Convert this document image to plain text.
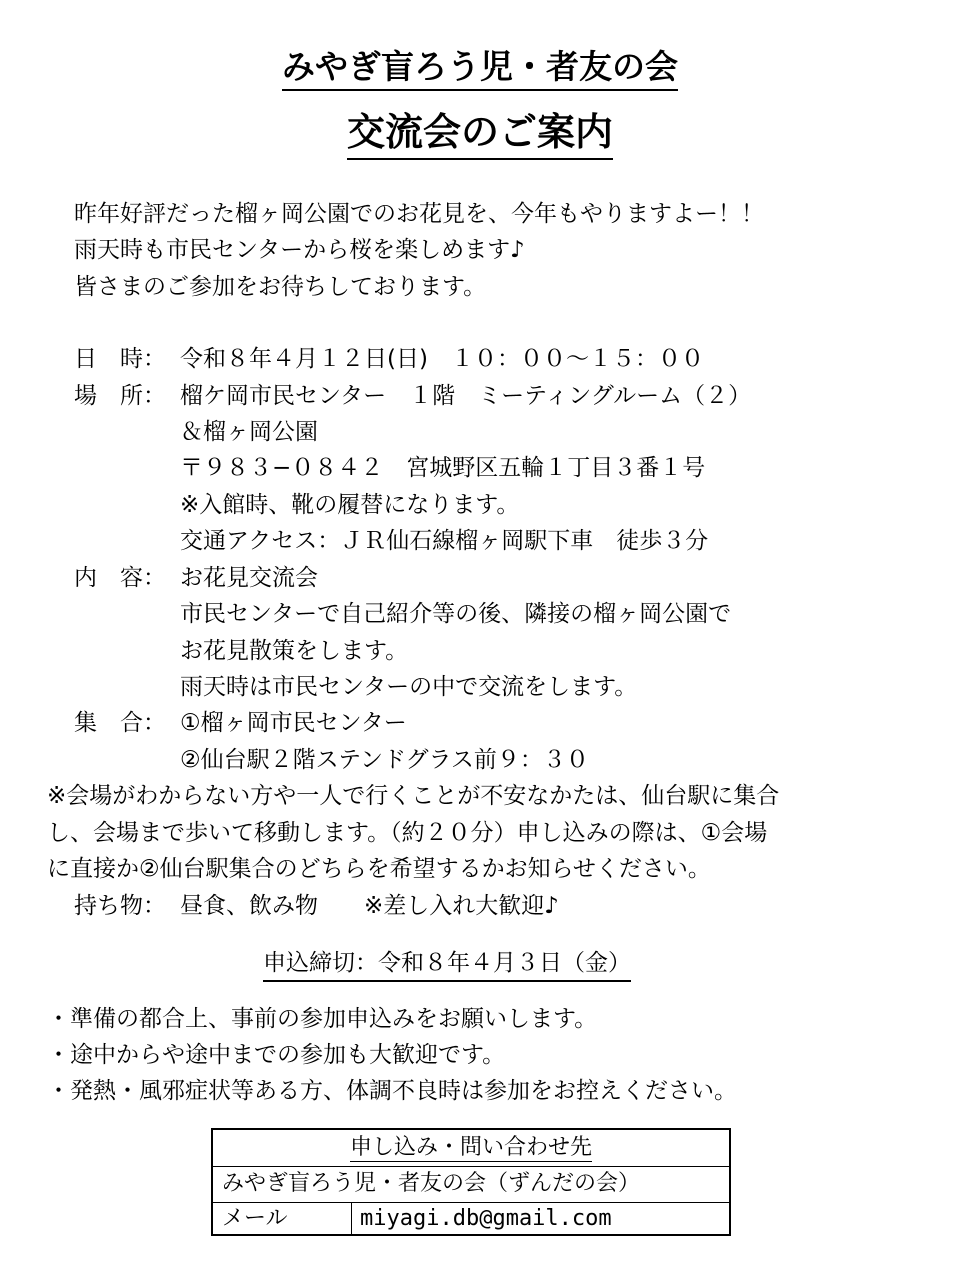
みやぎ盲ろう児・者友の会
交流会のご案内
昨年好評だった榴ヶ岡公園でのお花見を、今年もやりますよー！！
雨天時も市民センターから桜を楽しめます♪
皆さまのご参加をお待ちしております。
日　時： 令和８年４月１２日(日)　１０：００～１５：００
場　所： 榴ケ岡市民センター　１階　ミーティングルーム（２）
＆榴ヶ岡公園
〒９８３−０８４２　宮城野区五輪１丁目３番１号
※入館時、靴の履替になります。
交通アクセス：ＪＲ仙石線榴ヶ岡駅下車　徒歩３分
内　容： お花見交流会
市民センターで自己紹介等の後、隣接の榴ヶ岡公園で
お花見散策をします。
雨天時は市民センターの中で交流をします。
集　合： ①榴ヶ岡市民センター
②仙台駅２階ステンドグラス前９：３０
※会場がわからない方や一人で行くことが不安なかたは、仙台駅に集合
し、会場まで歩いて移動します。（約２０分）申し込みの際は、①会場
に直接か②仙台駅集合のどちらを希望するかお知らせください。
持ち物： 昼食、飲み物　　※差し入れ大歓迎♪
申込締切：令和８年４月３日（金）
・準備の都合上、事前の参加申込みをお願いします。
・途中からや途中までの参加も大歓迎です。
・発熱・風邪症状等ある方、体調不良時は参加をお控えください。
申し込み・問い合わせ先
みやぎ盲ろう児・者友の会（ずんだの会）
メール	miyagi.db@gmail.com
